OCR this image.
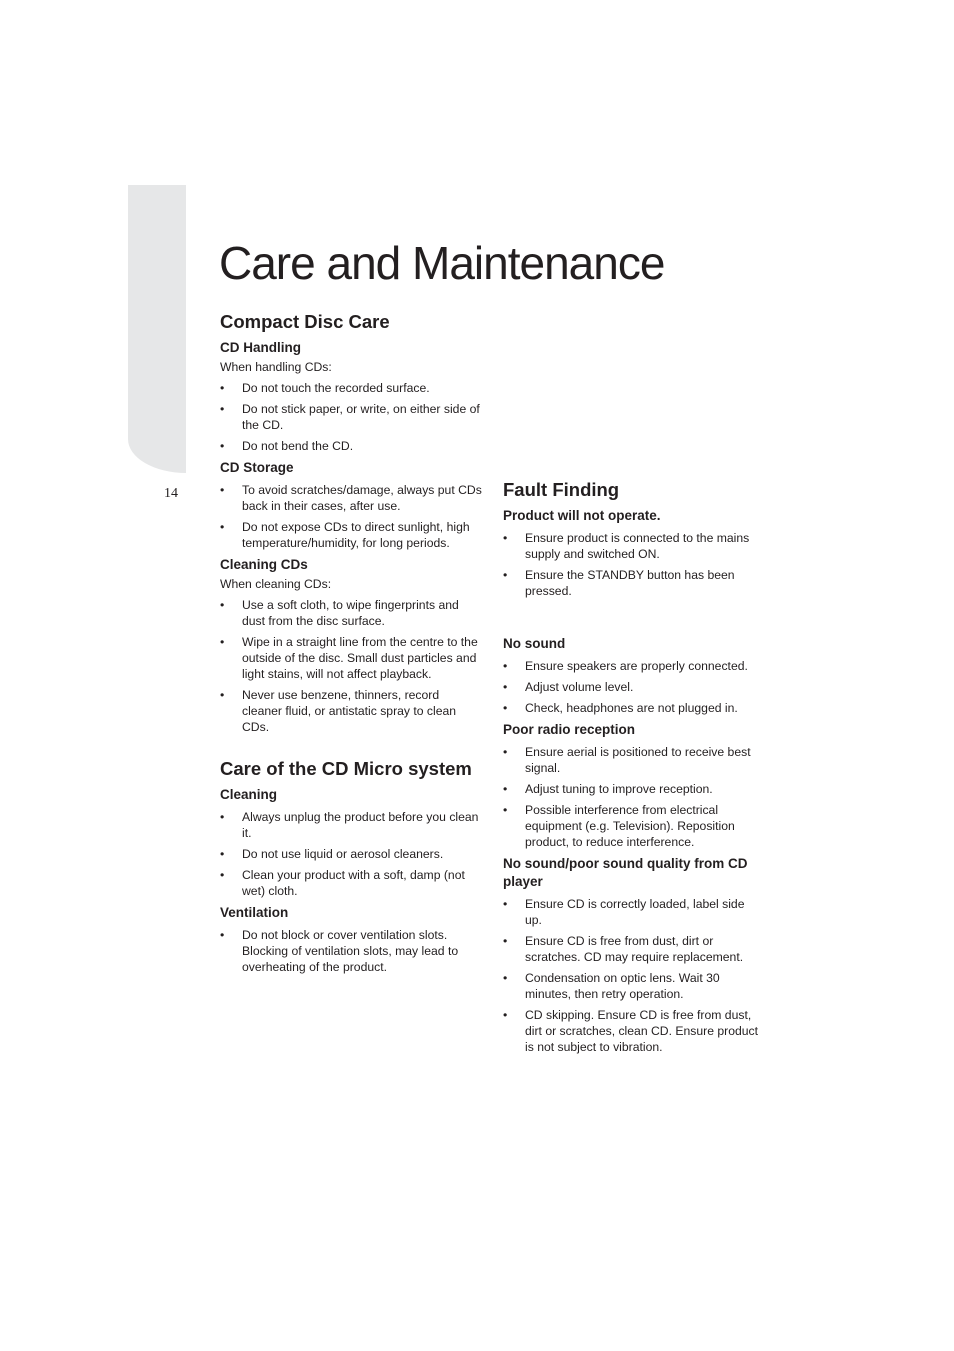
14
Care and Maintenance
Compact Disc Care
CD Handling

When handling CDs:

• Do not touch the recorded surface.
• Do not stick paper, or write, on either side of the CD.
• Do not bend the CD.
CD Storage
• To avoid scratches/damage, always put CDs back in their cases, after use.
• Do not expose CDs to direct sunlight, high temperature/humidity, for long periods.
Cleaning CDs

When cleaning CDs:

• Use a soft cloth, to wipe fingerprints and dust from the disc surface.
• Wipe in a straight line from the centre to the outside of the disc. Small dust particles and light stains, will not affect playback.
• Never use benzene, thinners, record cleaner fluid, or antistatic spray to clean CDs.
Care of the CD Micro system
Cleaning
• Always unplug the product before you clean it.
• Do not use liquid or aerosol cleaners.
• Clean your product with a soft, damp (not wet) cloth.
Ventilation
• Do not block or cover ventilation slots. Blocking of ventilation slots, may lead to overheating of the product.
Fault Finding
Product will not operate.
• Ensure product is connected to the mains supply and switched ON.
• Ensure the STANDBY button has been pressed.
No sound
• Ensure speakers are properly connected.
• Adjust volume level.
• Check, headphones are not plugged in.
Poor radio reception
• Ensure aerial is positioned to receive best signal.
• Adjust tuning to improve reception.
• Possible interference from electrical equipment (e.g. Television). Reposition product, to reduce interference.
No sound/poor sound quality from CD player
• Ensure CD is correctly loaded, label side up.
• Ensure CD is free from dust, dirt or scratches. CD may require replacement.
• Condensation on optic lens. Wait 30 minutes, then retry operation.
• CD skipping. Ensure CD is free from dust, dirt or scratches, clean CD. Ensure product is not subject to vibration.
